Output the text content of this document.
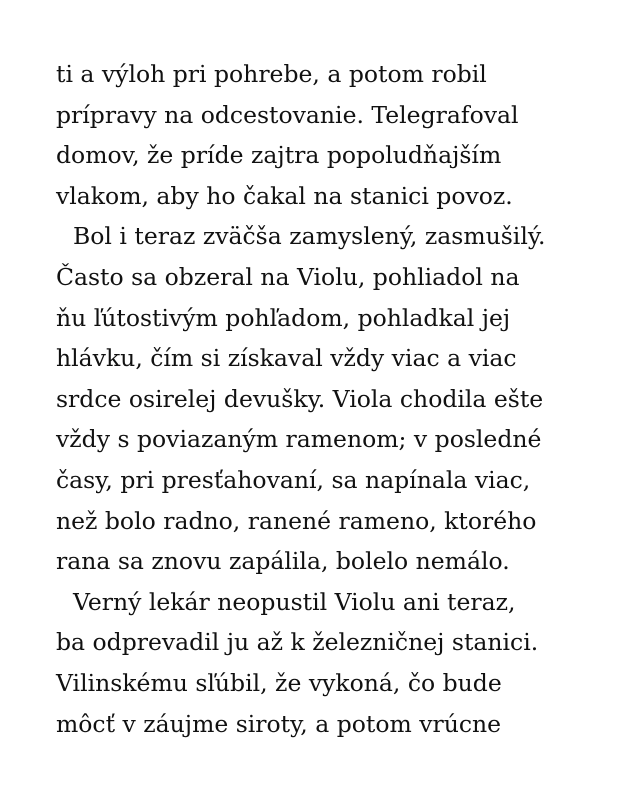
ti a výloh pri pohrebe, a potom robil
prípravy na odcestovanie. Telegrafoval
domov, že príde zajtra popoludňajším
vlakom, aby ho čakal na stanici povoz.
Bol i teraz zväčša zamyslený, zasmušilý.
Často sa obzeral na Violu, pohliadol na
ňu ľútostivým pohľadom, pohladkal jej
hlávku, čím si získaval vždy viac a viac
srdce osirelej devušky. Viola chodila ešte
vždy s poviazaným ramenom; v posledné
časy, pri presťahovaní, sa napínala viac,
než bolo radno, ranené rameno, ktorého
rana sa znovu zapálila, bolelo nemálo.
Verný lekár neopustil Violu ani teraz,
ba odprevadil ju až k železničnej stanici.
Vilinskému sľúbil, že vykoná, čo bude
môcť v záujme siroty, a potom vrúcne
